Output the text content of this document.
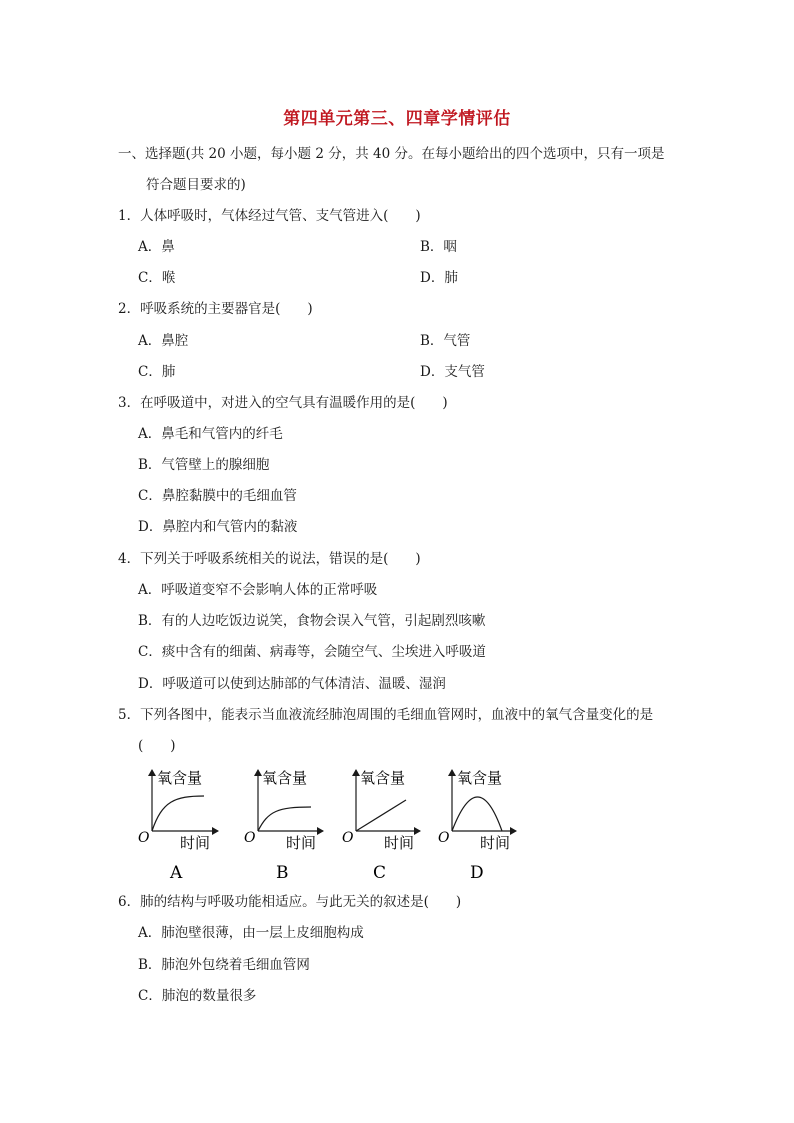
第四单元第三、四章学情评估
一、选择题(共 20 小题，每小题 2 分，共 40 分。在每小题给出的四个选项中，只有一项是
符合题目要求的)
1．人体呼吸时，气体经过气管、支气管进入(　　)
A．鼻	B．咽
C．喉	D．肺
2．呼吸系统的主要器官是(　　)
A．鼻腔	B．气管
C．肺	D．支气管
3．在呼吸道中，对进入的空气具有温暖作用的是(　　)
A．鼻毛和气管内的纤毛
B．气管壁上的腺细胞
C．鼻腔黏膜中的毛细血管
D．鼻腔内和气管内的黏液
4．下列关于呼吸系统相关的说法，错误的是(　　)
A．呼吸道变窄不会影响人体的正常呼吸
B．有的人边吃饭边说笑，食物会误入气管，引起剧烈咳嗽
C．痰中含有的细菌、病毒等，会随空气、尘埃进入呼吸道
D．呼吸道可以使到达肺部的气体清洁、温暖、湿润
5．下列各图中，能表示当血液流经肺泡周围的毛细血管网时，血液中的氧气含量变化的是
(　　)
氧含量
O 时间
A
氧含量
O 时间
B
氧含量
O 时间
C
氧含量
O 时间
D
6．肺的结构与呼吸功能相适应。与此无关的叙述是(　　)
A．肺泡壁很薄，由一层上皮细胞构成
B．肺泡外包绕着毛细血管网
C．肺泡的数量很多
